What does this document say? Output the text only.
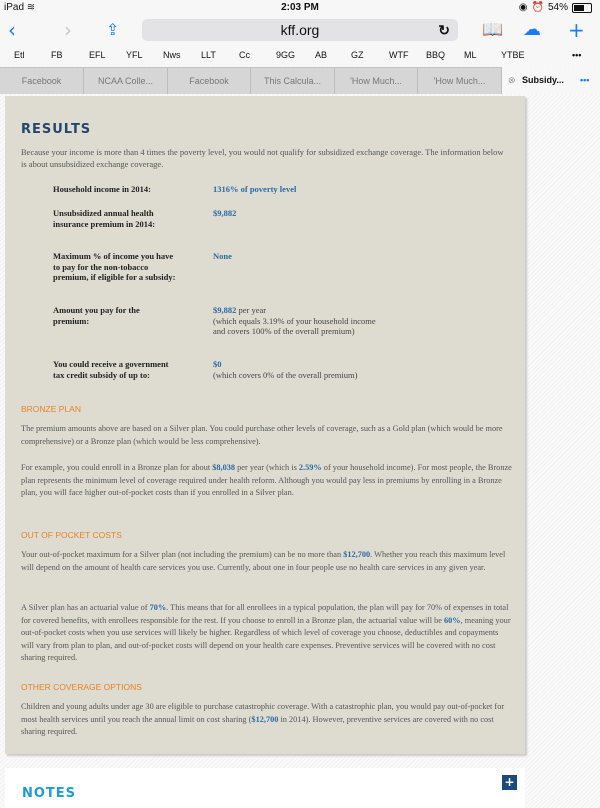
iPad ≋	2:03 PM	◉ ⏰ 54%
‹ › ⇪	kff.org	↻ 📖 ☁ +
Etl	FB	EFL YFL Nws LLT	Cc	9GG AB	GZ	WTF BBQ ML	YTBE	•••
Facebook	NCAA Colle...	Facebook	This Calcula...	'How Much...	'How Much...	⊗ Subsidy... •••
RESULTS
Because your income is more than 4 times the poverty level, you would not qualify for subsidized exchange coverage. The information below is about unsubsidized exchange coverage.
Household income in 2014:	1316% of poverty level
Unsubsidized annual health insurance premium in 2014:
$9,882
Maximum % of income you have to pay for the non-tobacco premium, if eligible for a subsidy:
None
Amount you pay for the premium:
$9,882 per year
(which equals 3.19% of your household income and covers 100% of the overall premium)
You could receive a government tax credit subsidy of up to:
$0
(which covers 0% of the overall premium)
BRONZE PLAN
The premium amounts above are based on a Silver plan. You could purchase other levels of coverage, such as a Gold plan (which would be more comprehensive) or a Bronze plan (which would be less comprehensive).
For example, you could enroll in a Bronze plan for about $8,038 per year (which is 2.59% of your household income). For most people, the Bronze plan represents the minimum level of coverage required under health reform. Although you would pay less in premiums by enrolling in a Bronze plan, you will face higher out-of-pocket costs than if you enrolled in a Silver plan.
OUT OF POCKET COSTS
Your out-of-pocket maximum for a Silver plan (not including the premium) can be no more than $12,700. Whether you reach this maximum level will depend on the amount of health care services you use. Currently, about one in four people use no health care services in any given year.
A Silver plan has an actuarial value of 70%. This means that for all enrollees in a typical population, the plan will pay for 70% of expenses in total for covered benefits, with enrollees responsible for the rest. If you choose to enroll in a Bronze plan, the actuarial value will be 60%, meaning your out-of-pocket costs when you use services will likely be higher. Regardless of which level of coverage you choose, deductibles and copayments will vary from plan to plan, and out-of-pocket costs will depend on your health care expenses. Preventive services will be covered with no cost sharing required.
OTHER COVERAGE OPTIONS
Children and young adults under age 30 are eligible to purchase catastrophic coverage. With a catastrophic plan, you would pay out-of-pocket for most health services until you reach the annual limit on cost sharing ($12,700 in 2014). However, preventive services are covered with no cost sharing required.
+
NOTES
